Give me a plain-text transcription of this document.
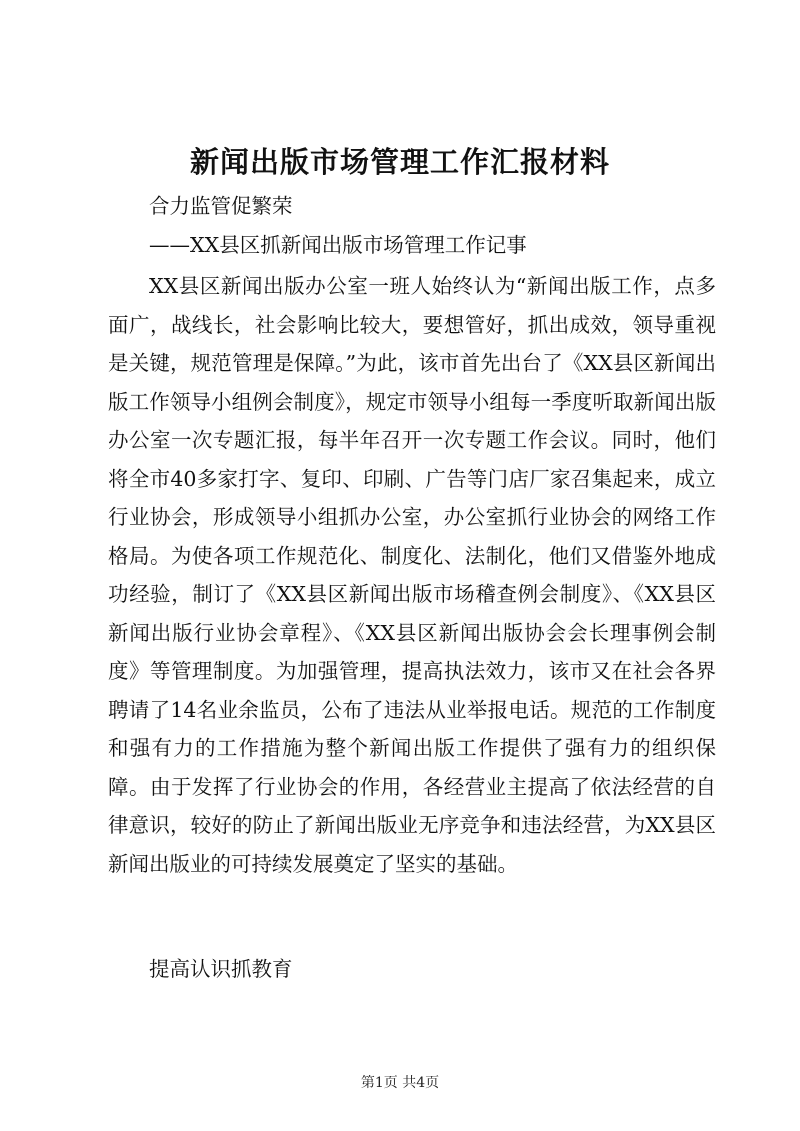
新闻出版市场管理工作汇报材料

合力监管促繁荣

——XX县区抓新闻出版市场管理工作记事

XX县区新闻出版办公室一班人始终认为“新闻出版工作，点多面广，战线长，社会影响比较大，要想管好，抓出成效，领导重视是关键，规范管理是保障。”为此，该市首先出台了《XX县区新闻出版工作领导小组例会制度》，规定市领导小组每一季度听取新闻出版办公室一次专题汇报，每半年召开一次专题工作会议。同时，他们将全市40多家打字、复印、印刷、广告等门店厂家召集起来，成立行业协会，形成领导小组抓办公室，办公室抓行业协会的网络工作格局。为使各项工作规范化、制度化、法制化，他们又借鉴外地成功经验，制订了《XX县区新闻出版市场稽查例会制度》、《XX县区新闻出版行业协会章程》、《XX县区新闻出版协会会长理事例会制度》等管理制度。为加强管理，提高执法效力，该市又在社会各界聘请了14名业余监员，公布了违法从业举报电话。规范的工作制度和强有力的工作措施为整个新闻出版工作提供了强有力的组织保障。由于发挥了行业协会的作用，各经营业主提高了依法经营的自律意识，较好的防止了新闻出版业无序竞争和违法经营，为XX县区新闻出版业的可持续发展奠定了坚实的基础。

提高认识抓教育

第1页 共4页
